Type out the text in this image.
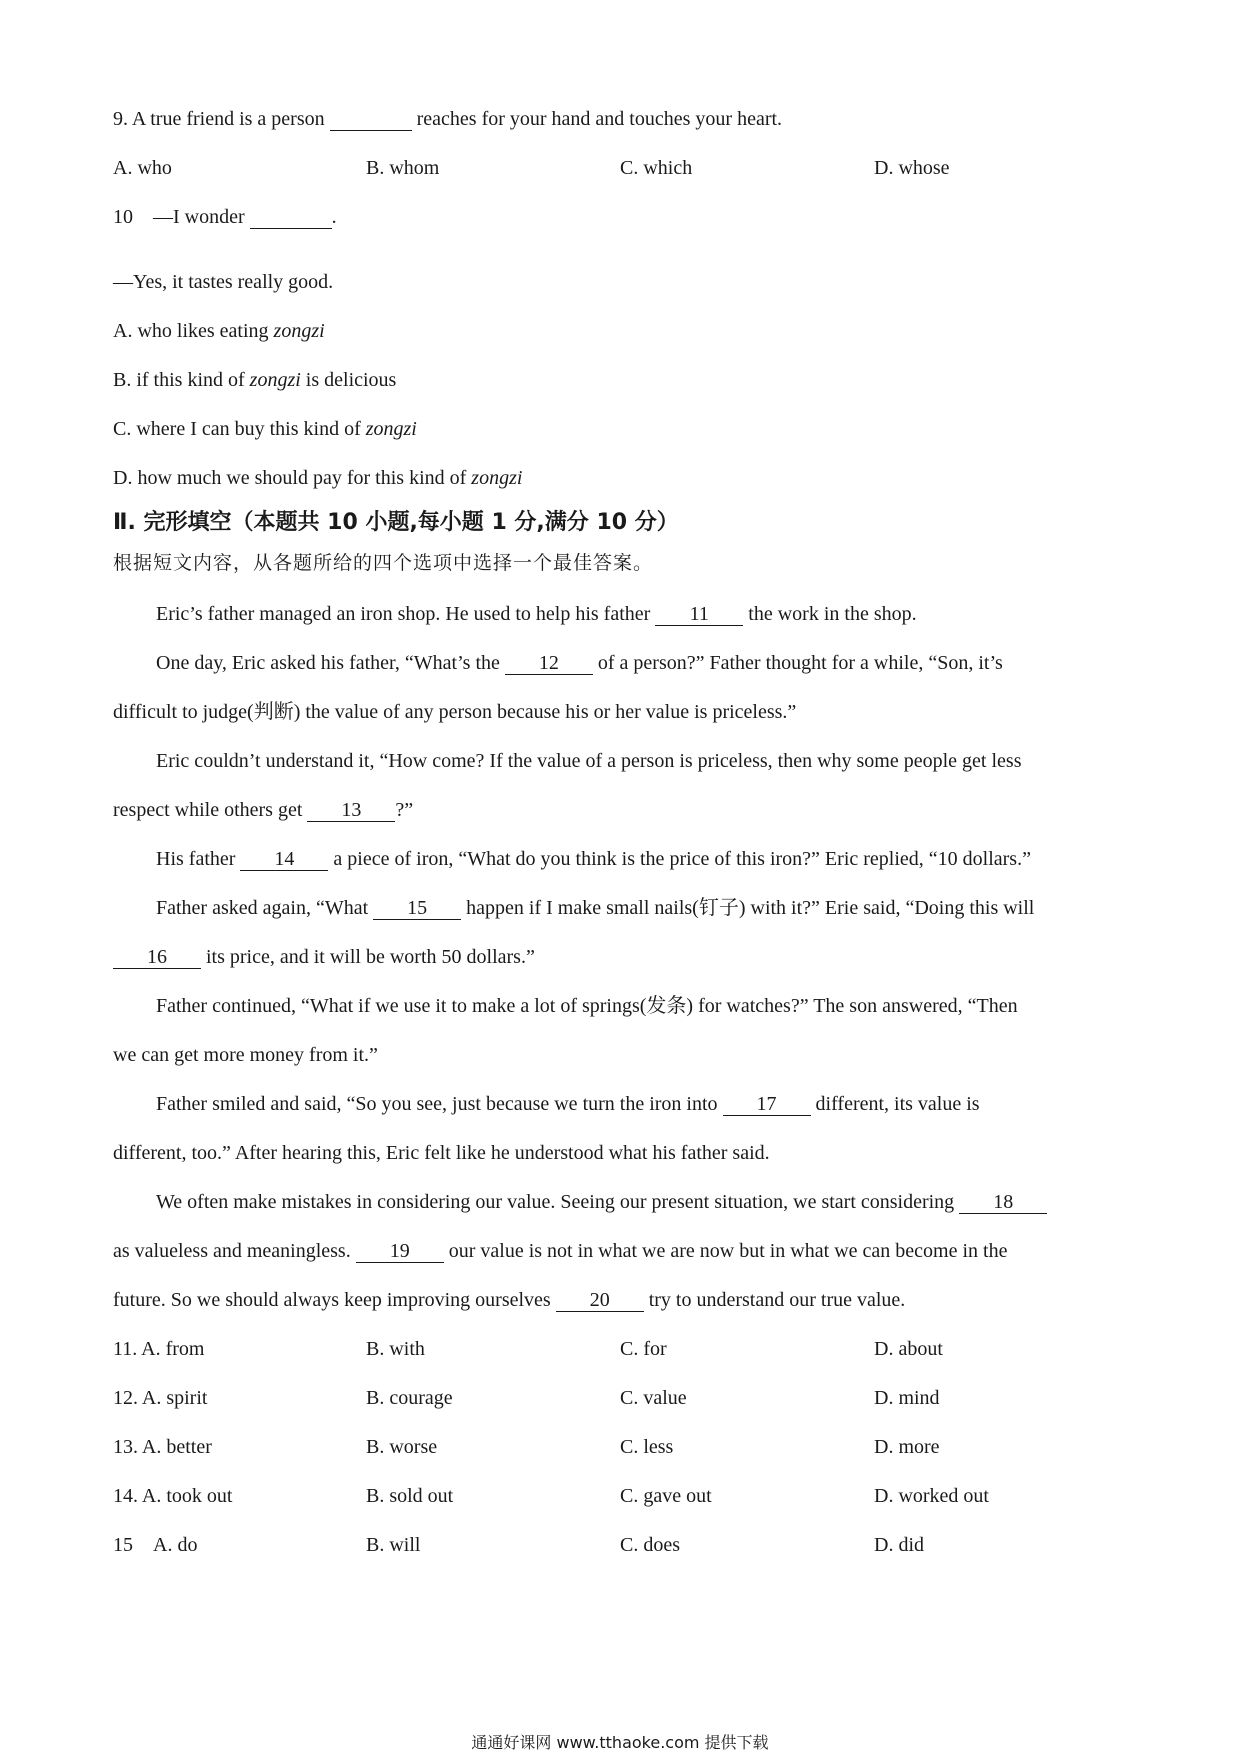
9. A true friend is a person	reaches for your hand and touches your heart.
A. who	B. whom	C. which	D. whose
10　—I wonder	.
—Yes, it tastes really good.
A. who likes eating zongzi
B. if this kind of zongzi is delicious
C. where I can buy this kind of zongzi
D. how much we should pay for this kind of zongzi
Ⅱ. 完形填空（本题共 10 小题,每小题 1 分,满分 10 分）
根据短文内容，从各题所给的四个选项中选择一个最佳答案。
Eric’s father managed an iron shop. He used to help his father 11 the work in the shop.
One day, Eric asked his father, “What’s the 12 of a person?” Father thought for a while, “Son, it’s
difficult to judge(判断) the value of any person because his or her value is priceless.”
Eric couldn’t understand it, “How come? If the value of a person is priceless, then why some people get less
respect while others get 13 ?”
His father 14 a piece of iron, “What do you think is the price of this iron?” Eric replied, “10 dollars.”
Father asked again, “What 15 happen if I make small nails(钉子) with it?” Erie said, “Doing this will
16 its price, and it will be worth 50 dollars.”
Father continued, “What if we use it to make a lot of springs(发条) for watches?” The son answered, “Then
we can get more money from it.”
Father smiled and said, “So you see, just because we turn the iron into 17 different, its value is
different, too.” After hearing this, Eric felt like he understood what his father said.
We often make mistakes in considering our value. Seeing our present situation, we start considering 18
as valueless and meaningless. 19 our value is not in what we are now but in what we can become in the
future. So we should always keep improving ourselves 20 try to understand our true value.
11. A. from	B. with	C. for	D. about
12. A. spirit	B. courage	C. value	D. mind
13. A. better	B. worse	C. less	D. more
14. A. took out	B. sold out	C. gave out	D. worked out
15　A. do	B. will	C. does	D. did
通通好课网 www.tthaoke.com 提供下载
